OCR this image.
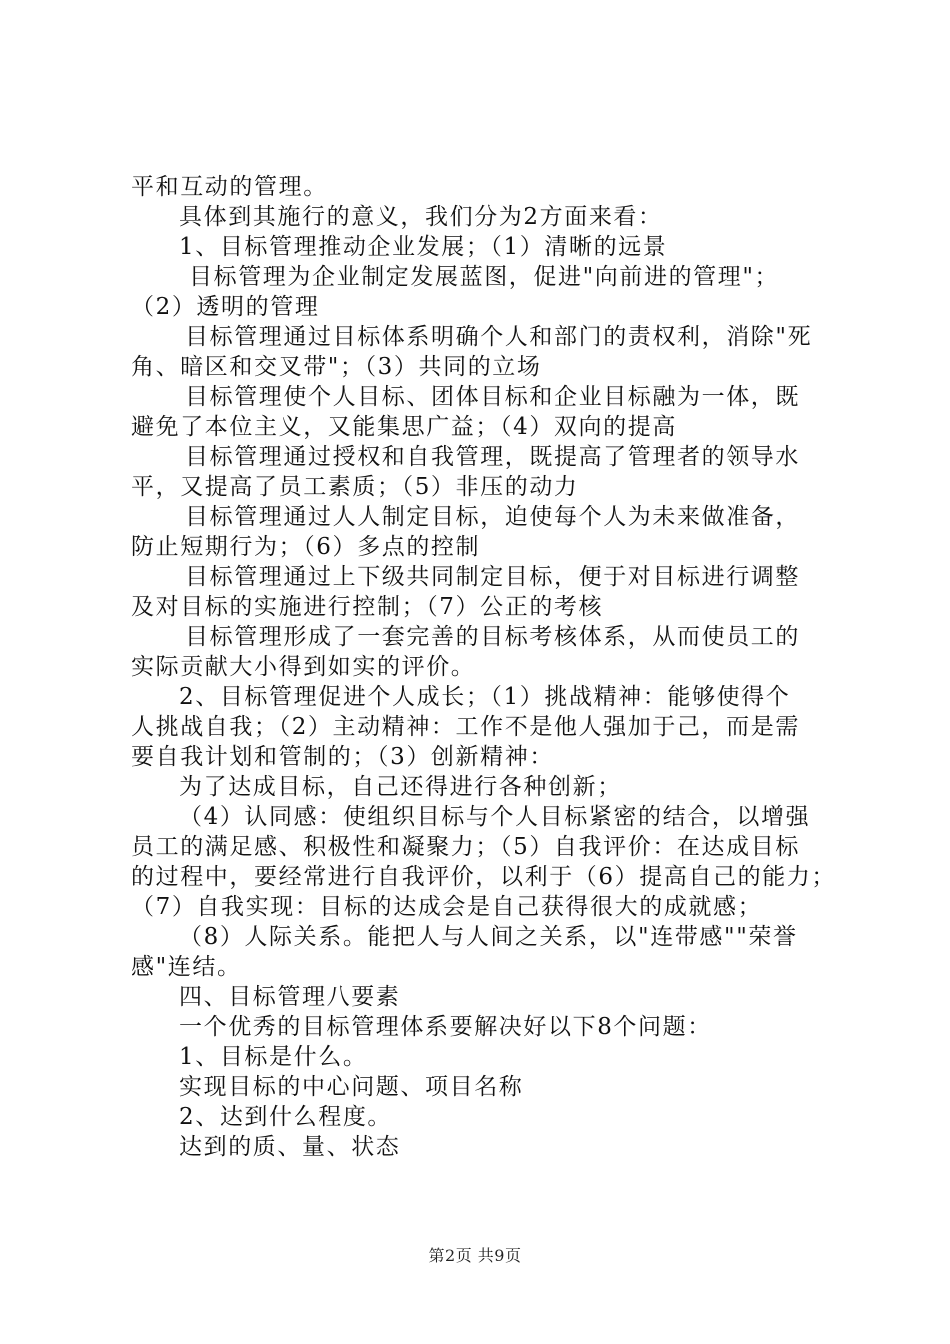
平和互动的管理。
具体到其施行的意义，我们分为2方面来看：
1、目标管理推动企业发展；（1）清晰的远景
目标管理为企业制定发展蓝图，促进"向前进的管理"；
（2）透明的管理
目标管理通过目标体系明确个人和部门的责权利，消除"死
角、暗区和交叉带"；（3）共同的立场
目标管理使个人目标、团体目标和企业目标融为一体，既
避免了本位主义，又能集思广益；（4）双向的提高
目标管理通过授权和自我管理，既提高了管理者的领导水
平，又提高了员工素质；（5）非压的动力
目标管理通过人人制定目标，迫使每个人为未来做准备，
防止短期行为；（6）多点的控制
目标管理通过上下级共同制定目标，便于对目标进行调整
及对目标的实施进行控制；（7）公正的考核
目标管理形成了一套完善的目标考核体系，从而使员工的
实际贡献大小得到如实的评价。
2、目标管理促进个人成长；（1）挑战精神：能够使得个
人挑战自我；（2）主动精神：工作不是他人强加于己，而是需
要自我计划和管制的；（3）创新精神：
为了达成目标，自己还得进行各种创新；
（4）认同感：使组织目标与个人目标紧密的结合，以增强
员工的满足感、积极性和凝聚力；（5）自我评价：在达成目标
的过程中，要经常进行自我评价，以利于（6）提高自己的能力；
（7）自我实现：目标的达成会是自己获得很大的成就感；
（8）人际关系。能把人与人间之关系，以"连带感""荣誉
感"连结。
四、目标管理八要素
一个优秀的目标管理体系要解决好以下8个问题：
1、目标是什么。
实现目标的中心问题、项目名称
2、达到什么程度。
达到的质、量、状态
第2页 共9页
